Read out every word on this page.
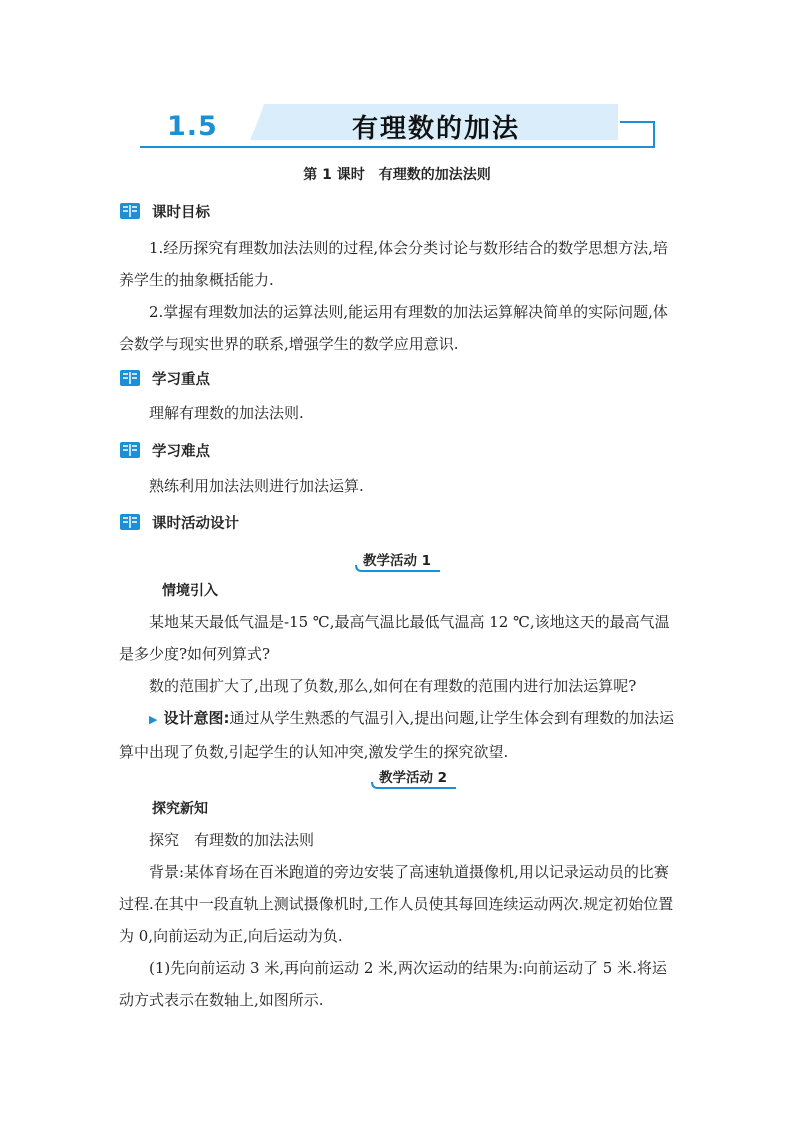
1.5	有理数的加法
第 1 课时　有理数的加法法则
课时目标
1.经历探究有理数加法法则的过程,体会分类讨论与数形结合的数学思想方法,培养学生的抽象概括能力.
2.掌握有理数加法的运算法则,能运用有理数的加法运算解决简单的实际问题,体会数学与现实世界的联系,增强学生的数学应用意识.
学习重点
理解有理数的加法法则.
学习难点
熟练利用加法法则进行加法运算.
课时活动设计
教学活动 1
情境引入
某地某天最低气温是-15 ℃,最高气温比最低气温高 12 ℃,该地这天的最高气温是多少度?如何列算式?
数的范围扩大了,出现了负数,那么,如何在有理数的范围内进行加法运算呢?
▶ 设计意图:通过从学生熟悉的气温引入,提出问题,让学生体会到有理数的加法运算中出现了负数,引起学生的认知冲突,激发学生的探究欲望.
教学活动 2
探究新知
探究　有理数的加法法则
背景:某体育场在百米跑道的旁边安装了高速轨道摄像机,用以记录运动员的比赛过程.在其中一段直轨上测试摄像机时,工作人员使其每回连续运动两次.规定初始位置为 0,向前运动为正,向后运动为负.
(1)先向前运动 3 米,再向前运动 2 米,两次运动的结果为:向前运动了 5 米.将运动方式表示在数轴上,如图所示.
